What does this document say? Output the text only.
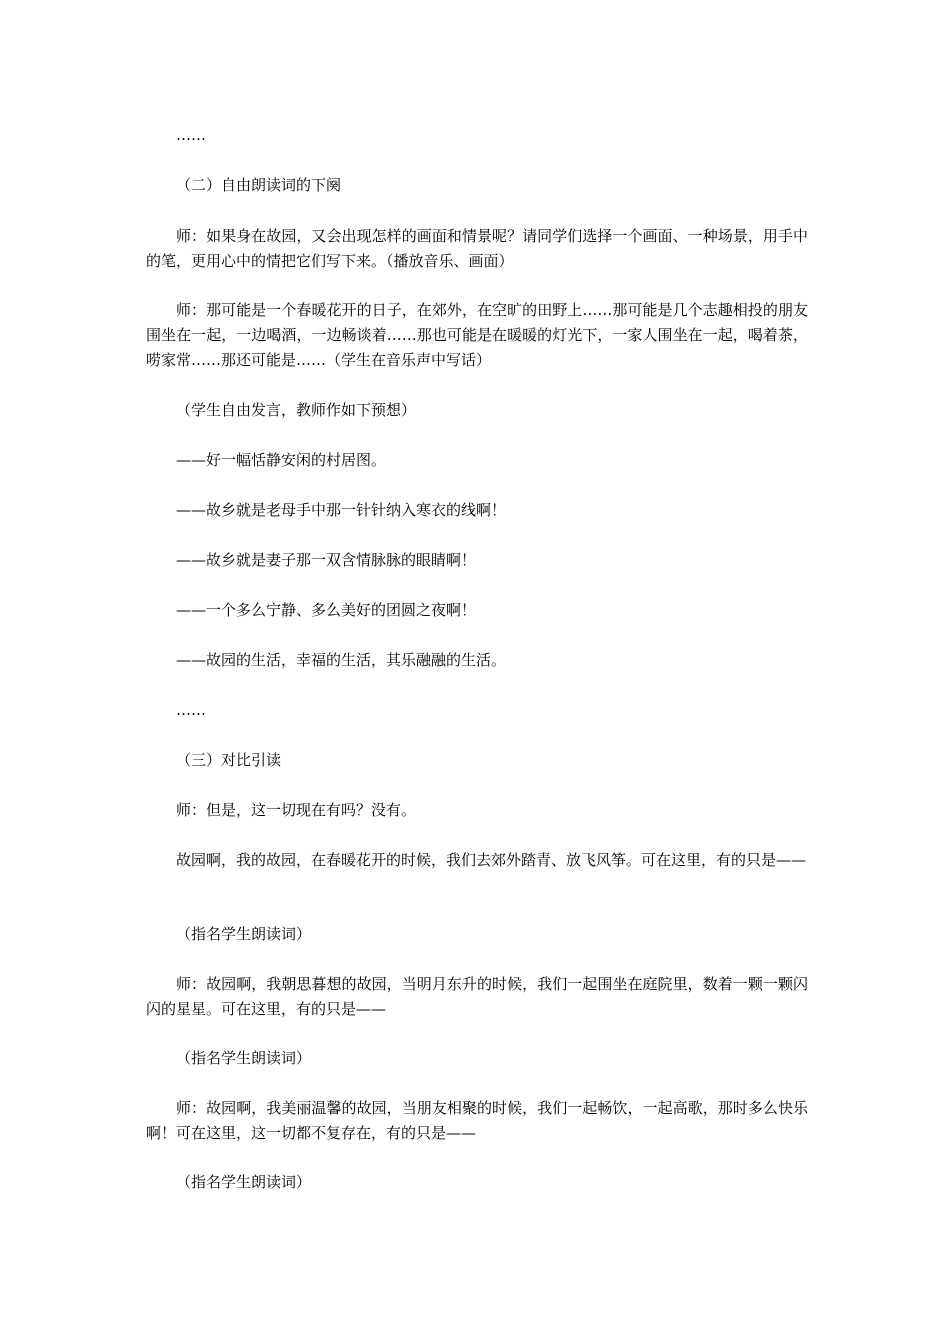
……

（二）自由朗读词的下阕

师：如果身在故园，又会出现怎样的画面和情景呢？请同学们选择一个画面、一种场景，用手中的笔，更用心中的情把它们写下来。（播放音乐、画面）

师：那可能是一个春暖花开的日子，在郊外，在空旷的田野上……那可能是几个志趣相投的朋友围坐在一起，一边喝酒，一边畅谈着……那也可能是在暖暖的灯光下，一家人围坐在一起，喝着茶，唠家常……那还可能是……（学生在音乐声中写话）

（学生自由发言，教师作如下预想）

——好一幅恬静安闲的村居图。

——故乡就是老母手中那一针针纳入寒衣的线啊！

——故乡就是妻子那一双含情脉脉的眼睛啊！

——一个多么宁静、多么美好的团圆之夜啊！

——故园的生活，幸福的生活，其乐融融的生活。

……

（三）对比引读

师：但是，这一切现在有吗？没有。

故园啊，我的故园，在春暖花开的时候，我们去郊外踏青、放飞风筝。可在这里，有的只是——

（指名学生朗读词）

师：故园啊，我朝思暮想的故园，当明月东升的时候，我们一起围坐在庭院里，数着一颗一颗闪闪的星星。可在这里，有的只是——

（指名学生朗读词）

师：故园啊，我美丽温馨的故园，当朋友相聚的时候，我们一起畅饮，一起高歌，那时多么快乐啊！可在这里，这一切都不复存在，有的只是——

（指名学生朗读词）
